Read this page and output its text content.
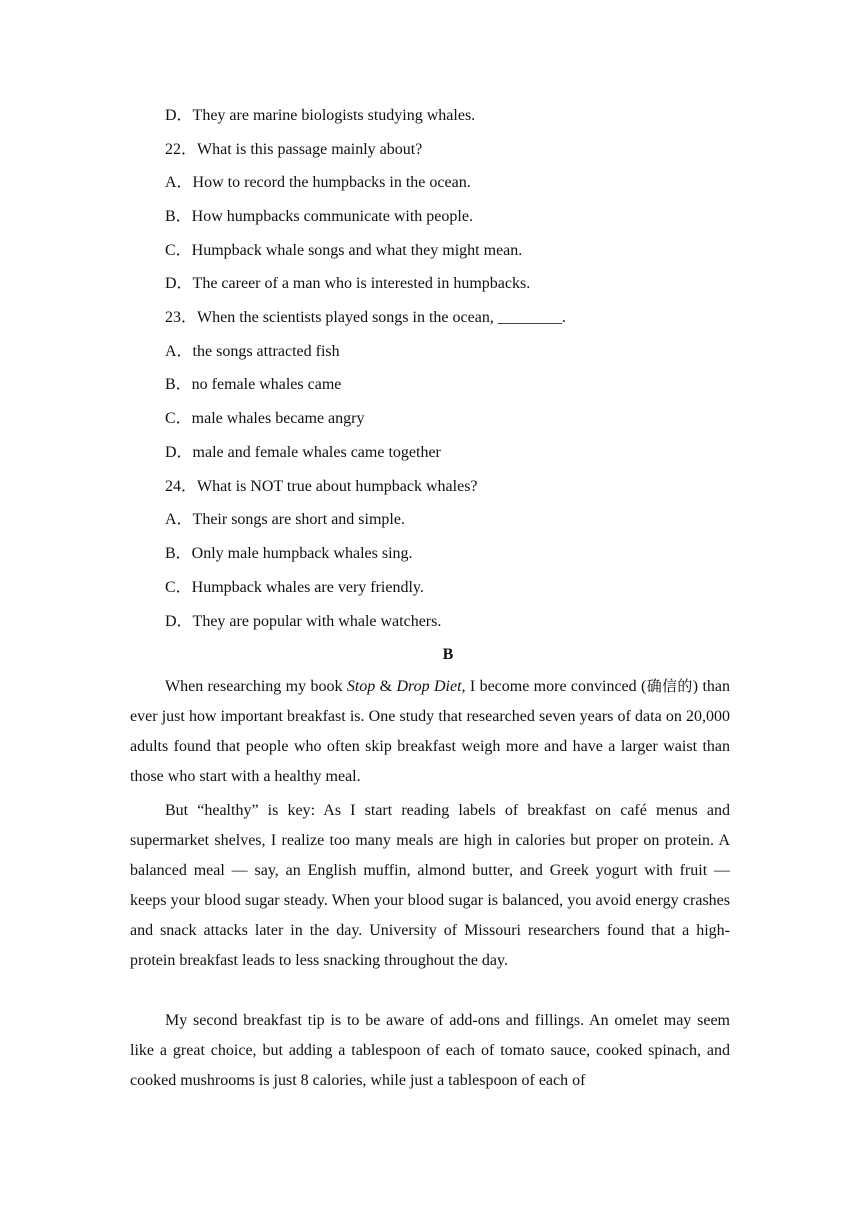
D．They are marine biologists studying whales.
22．What is this passage mainly about?
A．How to record the humpbacks in the ocean.
B．How humpbacks communicate with people.
C．Humpback whale songs and what they might mean.
D．The career of a man who is interested in humpbacks.
23．When the scientists played songs in the ocean, ________.
A．the songs attracted fish
B．no female whales came
C．male whales became angry
D．male and female whales came together
24．What is NOT true about humpback whales?
A．Their songs are short and simple.
B．Only male humpback whales sing.
C．Humpback whales are very friendly.
D．They are popular with whale watchers.
B
When researching my book Stop & Drop Diet, I become more convinced (确信的) than ever just how important breakfast is. One study that researched seven years of data on 20,000 adults found that people who often skip breakfast weigh more and have a larger waist than those who start with a healthy meal.
But “healthy” is key: As I start reading labels of breakfast on café menus and supermarket shelves, I realize too many meals are high in calories but proper on protein. A balanced meal — say, an English muffin, almond butter, and Greek yogurt with fruit — keeps your blood sugar steady. When your blood sugar is balanced, you avoid energy crashes and snack attacks later in the day. University of Missouri researchers found that a high-protein breakfast leads to less snacking throughout the day.
My second breakfast tip is to be aware of add-ons and fillings. An omelet may seem like a great choice, but adding a tablespoon of each of tomato sauce, cooked spinach, and cooked mushrooms is just 8 calories, while just a tablespoon of each of
